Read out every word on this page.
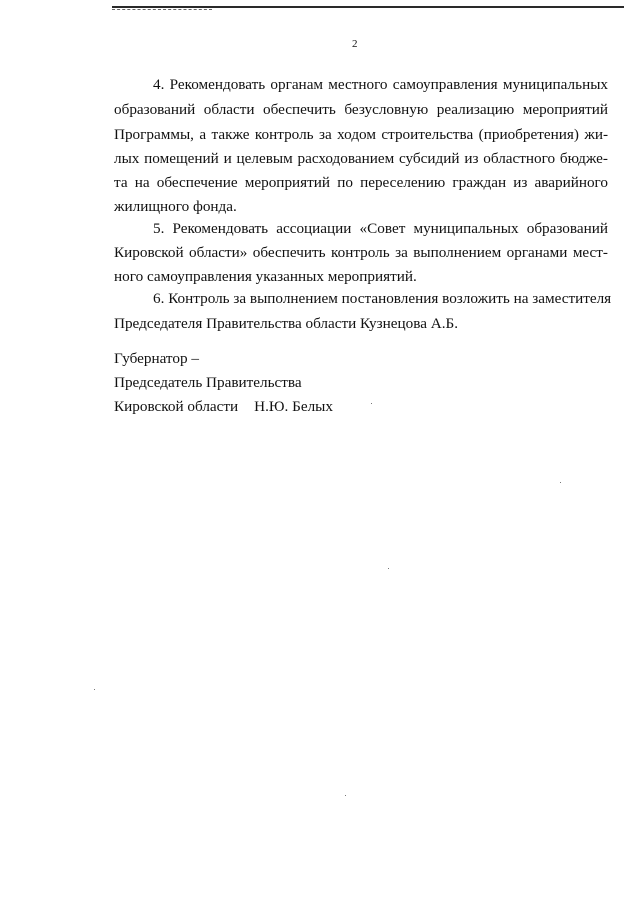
2
4. Рекомендовать органам местного самоуправления муниципальных
образований области обеспечить безусловную реализацию мероприятий
Программы, а также контроль за ходом строительства (приобретения) жи-
лых помещений и целевым расходованием субсидий из областного бюдже-
та на обеспечение мероприятий по переселению граждан из аварийного
жилищного фонда.
5. Рекомендовать ассоциации «Совет муниципальных образований
Кировской области» обеспечить контроль за выполнением органами мест-
ного самоуправления указанных мероприятий.
6. Контроль за выполнением постановления возложить на заместителя
Председателя Правительства области Кузнецова А.Б.
Губернатор –
Председатель Правительства
Кировской области Н.Ю. Белых
